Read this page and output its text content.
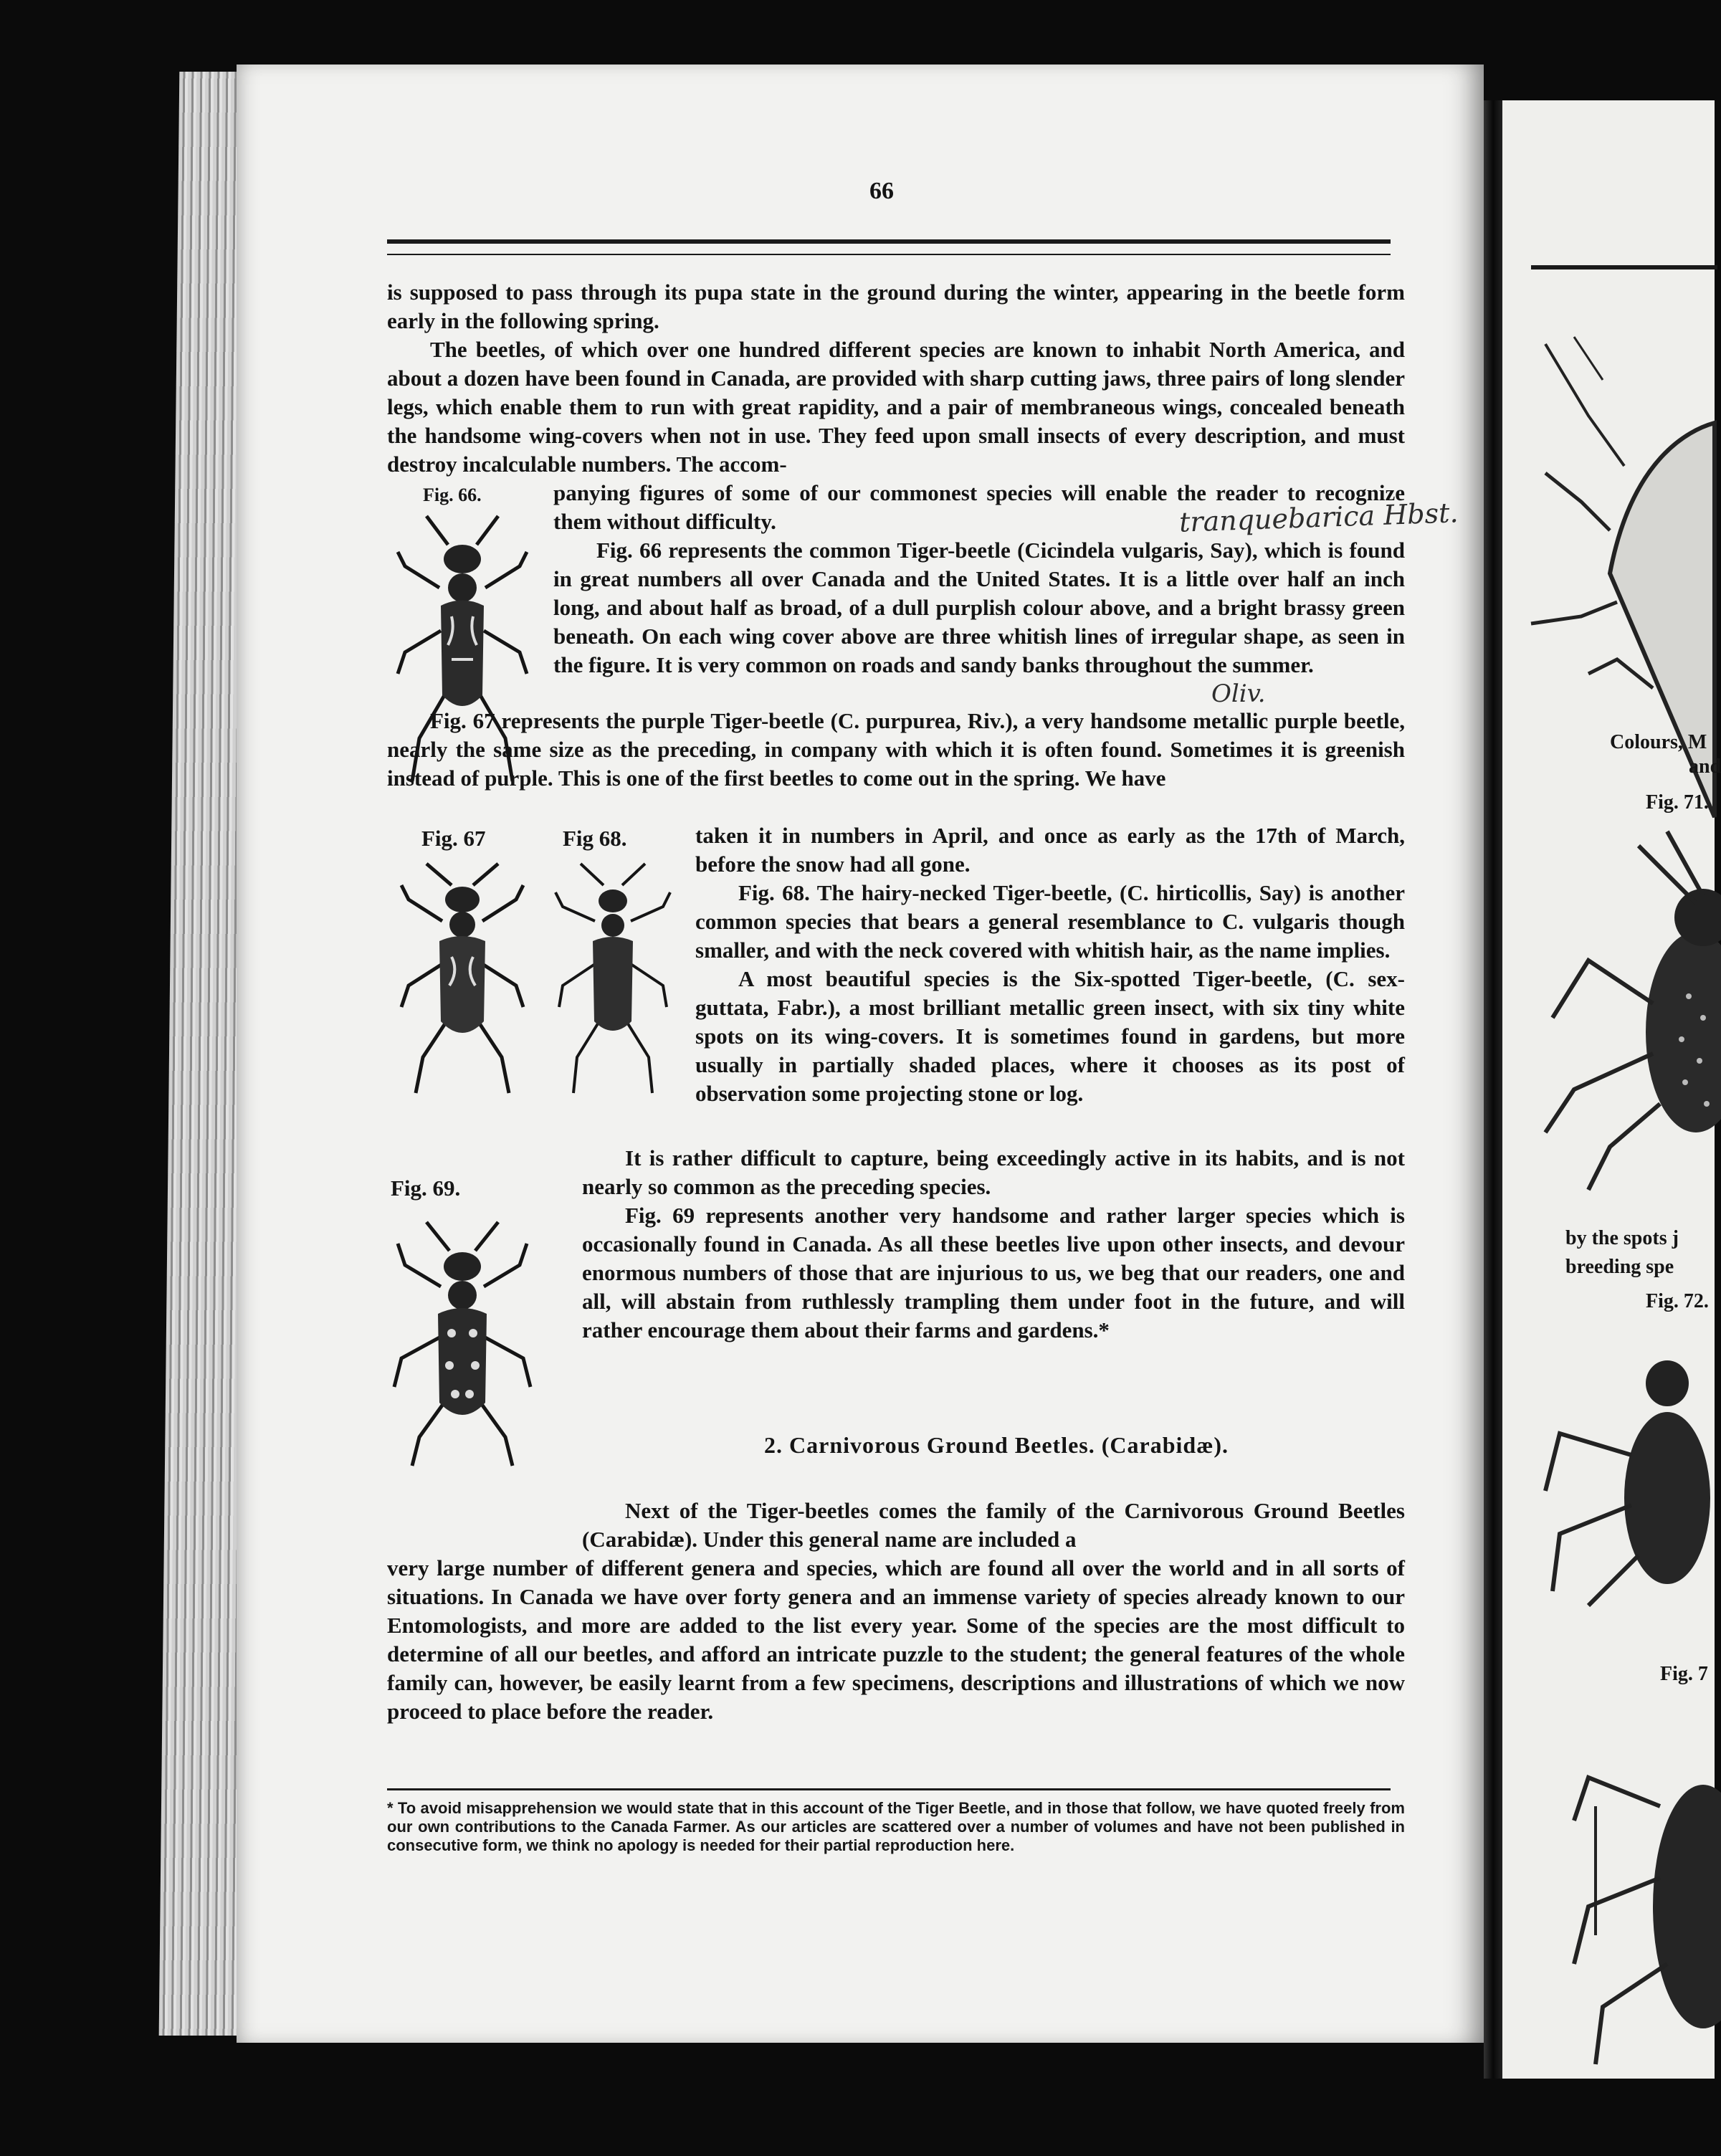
Colours, M
and
Fig. 71.
by the spots j
breeding spe
Fig. 72.
Fig. 7
66

is supposed to pass through its pupa state in the ground during the winter, appearing in the beetle form early in the following spring.

The beetles, of which over one hundred different species are known to inhabit North America, and about a dozen have been found in Canada, are provided with sharp cutting jaws, three pairs of long slender legs, which enable them to run with great rapidity, and a pair of membraneous wings, concealed beneath the handsome wing-covers when not in use. They feed upon small insects of every description, and must destroy incalculable numbers. The accom-

Fig. 66.	panying figures of some of our commonest species will enable the reader to recognize them without difficulty.

Fig. 66 represents the common Tiger-beetle (Cicindela vulgaris, Say), which is found in great numbers all over Canada and the United States. It is a little over half an inch long, and about half as broad, of a dull purplish colour above, and a bright brassy green beneath. On each wing cover above are three whitish lines of irregular shape, as seen in the figure. It is very common on roads and sandy banks throughout the summer.

tranquebarica Hbst.
Oliv.

Fig. 67 represents the purple Tiger-beetle (C. purpurea, Riv.), a very handsome metallic purple beetle, nearly the same size as the preceding, in company with which it is often found. Sometimes it is greenish instead of purple. This is one of the first beetles to come out in the spring. We have

Fig. 67	Fig 68.	taken it in numbers in April, and once as early as the 17th of March, before the snow had all gone.

Fig. 68. The hairy-necked Tiger-beetle, (C. hirticollis, Say) is another common species that bears a general resemblance to C. vulgaris though smaller, and with the neck covered with whitish hair, as the name implies.

A most beautiful species is the Six-spotted Tiger-beetle, (C. sex-guttata, Fabr.), a most brilliant metallic green insect, with six tiny white spots on its wing-covers. It is sometimes found in gardens, but more usually in partially shaded places, where it chooses as its post of observation some projecting stone or log.

Fig. 69.

It is rather difficult to capture, being exceedingly active in its habits, and is not nearly so common as the preceding species.

Fig. 69 represents another very handsome and rather larger species which is occasionally found in Canada. As all these beetles live upon other insects, and devour enormous numbers of those that are injurious to us, we beg that our readers, one and all, will abstain from ruthlessly trampling them under foot in the future, and will rather encourage them about their farms and gardens.*

2. Carnivorous Ground Beetles. (Carabidæ).

Next of the Tiger-beetles comes the family of the Carnivorous Ground Beetles (Carabidæ). Under this general name are included a

very large number of different genera and species, which are found all over the world and in all sorts of situations. In Canada we have over forty genera and an immense variety of species already known to our Entomologists, and more are added to the list every year. Some of the species are the most difficult to determine of all our beetles, and afford an intricate puzzle to the student; the general features of the whole family can, however, be easily learnt from a few specimens, descriptions and illustrations of which we now proceed to place before the reader.

* To avoid misapprehension we would state that in this account of the Tiger Beetle, and in those that follow, we have quoted freely from our own contributions to the Canada Farmer. As our articles are scattered over a number of volumes and have not been published in consecutive form, we think no apology is needed for their partial reproduction here.
